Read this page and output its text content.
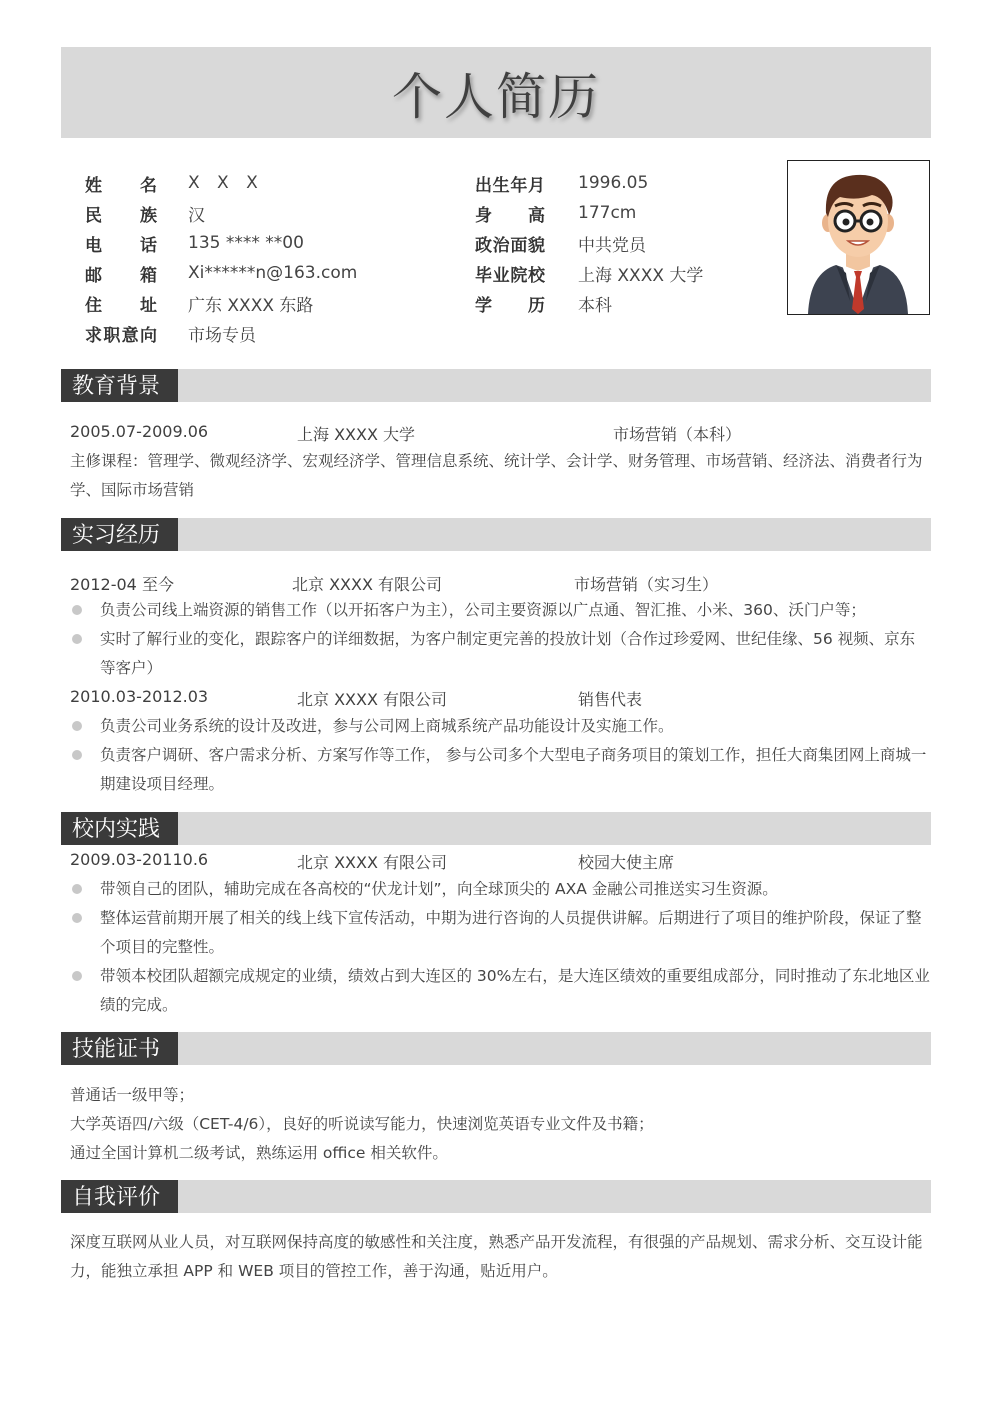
个人简历
姓名 X X X
民族 汉
电话 135 **** **00
邮箱 Xi******n@163.com
住址 广东 XXXX 东路
求职意向 市场专员
出生年月 1996.05
身高 177cm
政治面貌 中共党员
毕业院校 上海 XXXX 大学
学历 本科
教育背景
2005.07-2009.06	上海 XXXX 大学	市场营销（本科）
主修课程：管理学、微观经济学、宏观经济学、管理信息系统、统计学、会计学、财务管理、市场营销、经济法、消费者行为学、国际市场营销
实习经历
2012-04 至今	北京 XXXX 有限公司	市场营销（实习生）
负责公司线上端资源的销售工作（以开拓客户为主），公司主要资源以广点通、智汇推、小米、360、沃门户等；
实时了解行业的变化，跟踪客户的详细数据，为客户制定更完善的投放计划（合作过珍爱网、世纪佳缘、56 视频、京东等客户）
2010.03-2012.03	北京 XXXX 有限公司	销售代表
负责公司业务系统的设计及改进，参与公司网上商城系统产品功能设计及实施工作。
负责客户调研、客户需求分析、方案写作等工作， 参与公司多个大型电子商务项目的策划工作，担任大商集团网上商城一期建设项目经理。
校内实践
2009.03-20110.6	北京 XXXX 有限公司	校园大使主席
带领自己的团队，辅助完成在各高校的“伏龙计划”，向全球顶尖的 AXA 金融公司推送实习生资源。
整体运营前期开展了相关的线上线下宣传活动，中期为进行咨询的人员提供讲解。后期进行了项目的维护阶段，保证了整个项目的完整性。
带领本校团队超额完成规定的业绩，绩效占到大连区的 30%左右，是大连区绩效的重要组成部分，同时推动了东北地区业绩的完成。
技能证书
普通话一级甲等；
大学英语四/六级（CET-4/6），良好的听说读写能力，快速浏览英语专业文件及书籍；
通过全国计算机二级考试，熟练运用 office 相关软件。
自我评价
深度互联网从业人员，对互联网保持高度的敏感性和关注度，熟悉产品开发流程，有很强的产品规划、需求分析、交互设计能力，能独立承担 APP 和 WEB 项目的管控工作，善于沟通，贴近用户。
